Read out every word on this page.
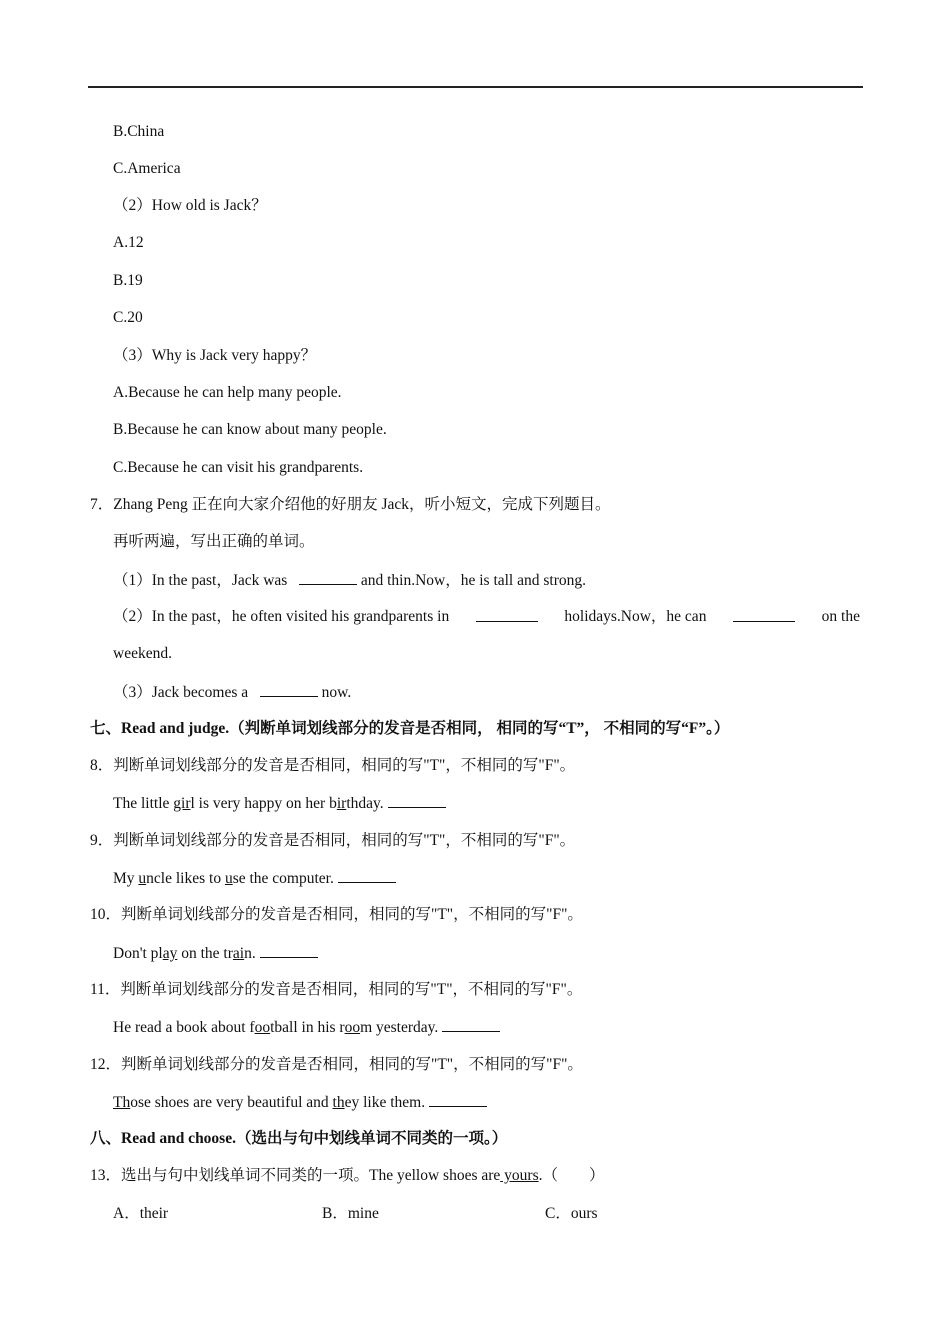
B.China
C.America
（2）How old is Jack？
A.12
B.19
C.20
（3）Why is Jack very happy？
A.Because he can help many people.
B.Because he can know about many people.
C.Because he can visit his grandparents.
7．Zhang Peng 正在向大家介绍他的好朋友 Jack，听小短文，完成下列题目。
再听两遍，写出正确的单词。
（1）In the past，Jack was	and thin.Now，he is tall and strong.
（2）In the past，he often visited his grandparents in	holidays.Now，he can	on the
weekend.
（3）Jack becomes a	now.
七、Read and judge.（判断单词划线部分的发音是否相同， 相同的写“T”， 不相同的写“F”。）
8．判断单词划线部分的发音是否相同，相同的写"T"，不相同的写"F"。
The little girl is very happy on her birthday.
9．判断单词划线部分的发音是否相同，相同的写"T"，不相同的写"F"。
My uncle likes to use the computer.
10．判断单词划线部分的发音是否相同，相同的写"T"，不相同的写"F"。
Don't play on the train.
11．判断单词划线部分的发音是否相同，相同的写"T"，不相同的写"F"。
He read a book about football in his room yesterday.
12．判断单词划线部分的发音是否相同，相同的写"T"，不相同的写"F"。
Those shoes are very beautiful and they like them.
八、Read and choose.（选出与句中划线单词不同类的一项。）
13．选出与句中划线单词不同类的一项。The yellow shoes are yours.（　　）
A．their	B．mine	C．ours
